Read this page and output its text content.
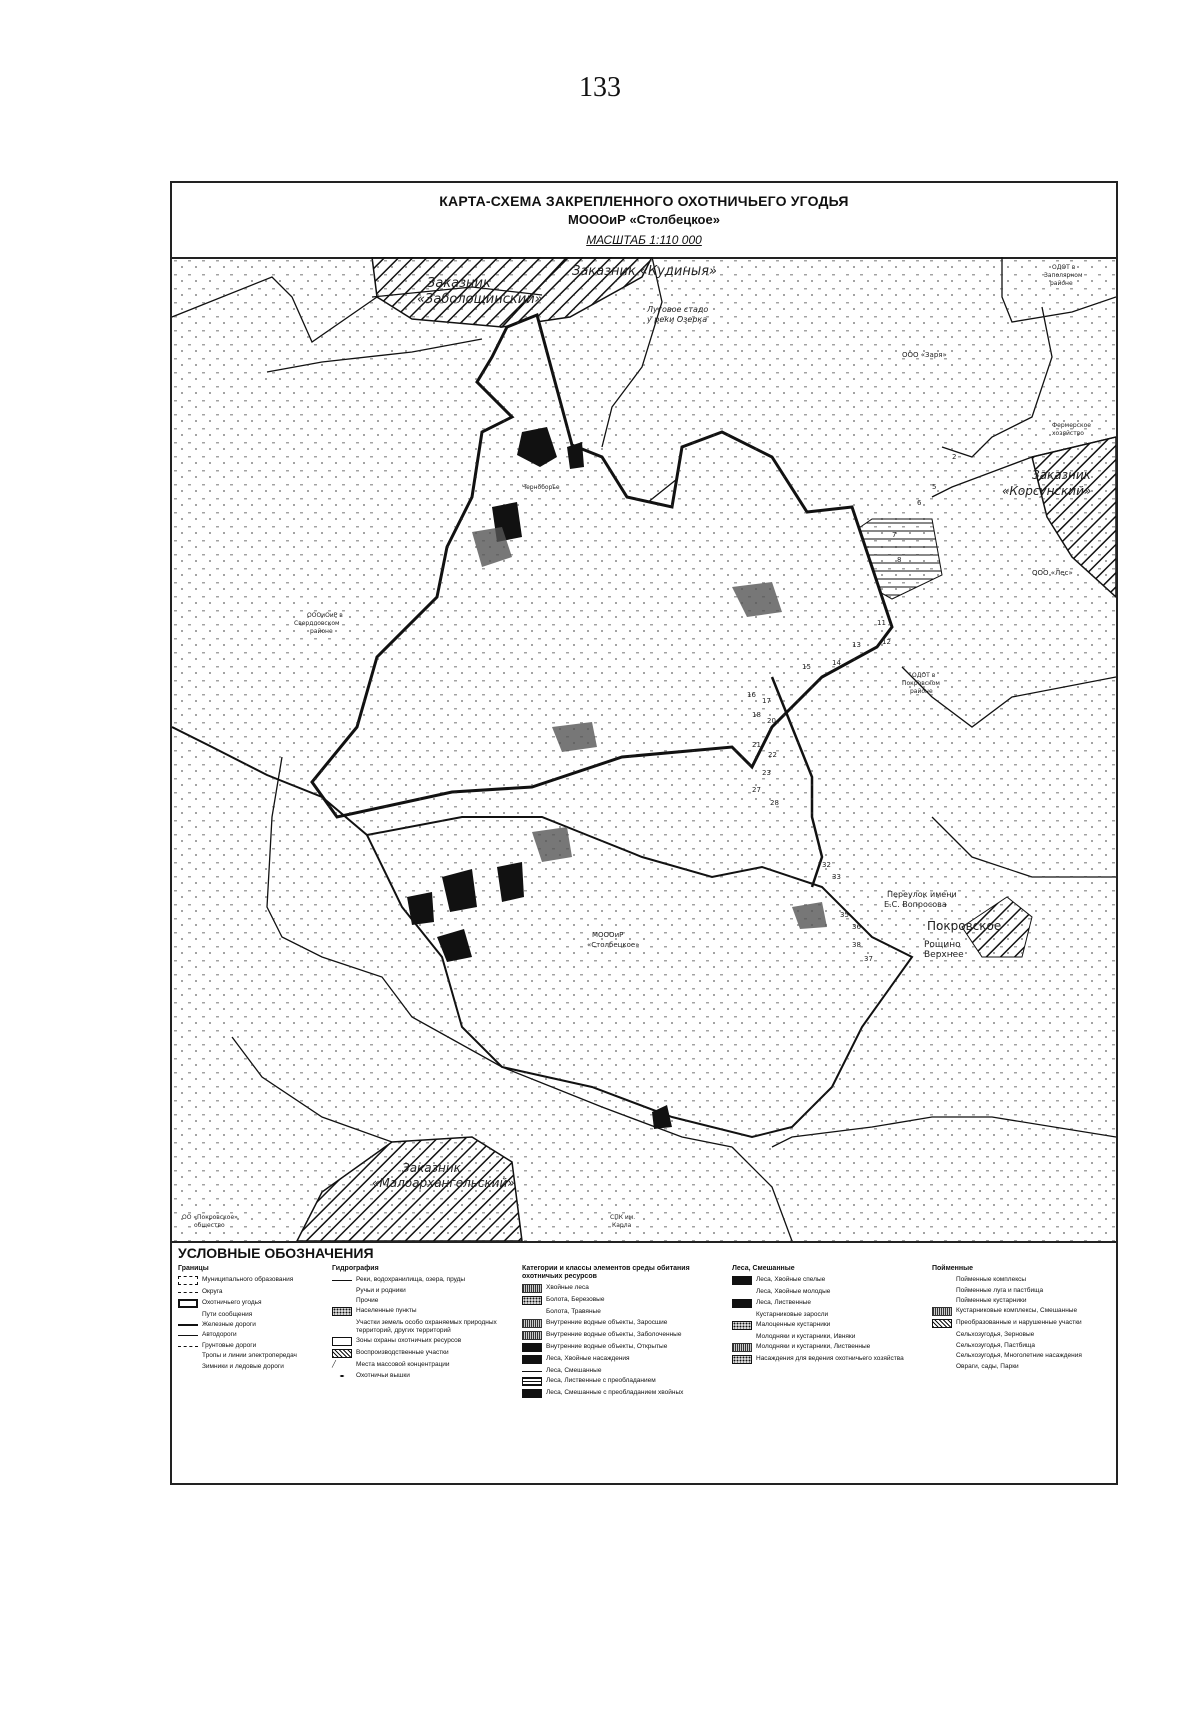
133
КАРТА-СХЕМА ЗАКРЕПЛЕННОГО ОХОТНИЧЬЕГО УГОДЬЯ
МОООиР «Столбецкое»
МАСШТАБ 1:110 000
2
5
6
7
8
11
12
13
14
15
16
17
18
20
21
22
23
27
28
32
33
35
36
37
38
Заказник
«Заболощинский»
Заказник «Кудиныя»
Луговое стадо
у реки Озерка
ОДОТ в
Заполярном
районе
ООО «Заря»
Фермерское
хозяйство
Заказник
«Корсунский»
ООО «Лес»
ОДОТ в
Покровском
районе
ОООиОиР в
Свердловском
районе
Черноборье
Переулок имени
Е.С. Вопросова
Покровское
Рощино
Верхнее
МОООиР
«Столбецкое»
Заказник
«Малоархангельский»
ОО «Покровское»
общество
СПК им.
Карла
УСЛОВНЫЕ ОБОЗНАЧЕНИЯ
Границы
Муниципального образования
Округа
Охотничьего угодья
Пути сообщения
Железные дороги
Автодороги
Грунтовые дороги
Тропы и линии электропередач
Зимники и ледовые дороги
Гидрография
Реки, водохранилища, озера, пруды
Ручьи и родники
Прочие
Населенные пункты
Участки земель особо охраняемых природных территорий, других территорий
Зоны охраны охотничьих ресурсов
Воспроизводственные участки
╱	Места массовой концентрации
Охотничьи вышки
Категории и классы элементов среды обитания охотничьих ресурсов
Хвойные леса
Болота, Березовые
Болота, Травяные
Внутренние водные объекты, Заросшие
Внутренние водные объекты, Заболоченные
Внутренние водные объекты, Открытые
Леса, Хвойные насаждения
Леса, Смешанные
Леса, Лиственные с преобладанием
Леса, Смешанные с преобладанием хвойных
Леса, Смешанные
Леса, Хвойные спелые
Леса, Хвойные молодые
Леса, Лиственные
Кустарниковые заросли
Малоценные кустарники
Молодняки и кустарники, Ивняки
Молодняки и кустарники, Лиственные
Насаждения для ведения охотничьего хозяйства
Пойменные
Пойменные комплексы
Пойменные луга и пастбища
Пойменные кустарники
Кустарниковые комплексы, Смешанные
Преобразованные и нарушенные участки
Сельхозугодья, Зерновые
Сельхозугодья, Пастбища
Сельхозугодья, Многолетние насаждения
Овраги, сады, Парки
